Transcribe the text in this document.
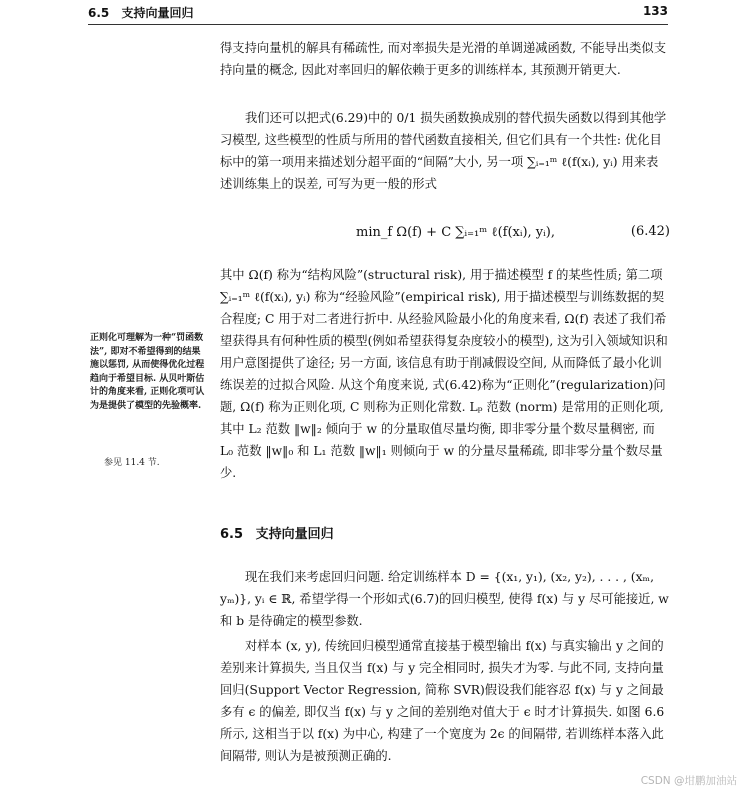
6.5 支持向量回归	133

得支持向量机的解具有稀疏性, 而对率损失是光滑的单调递减函数, 不能导出类似支持向量的概念, 因此对率回归的解依赖于更多的训练样本, 其预测开销更大.

我们还可以把式(6.29)中的 0/1 损失函数换成别的替代损失函数以得到其他学习模型, 这些模型的性质与所用的替代函数直接相关, 但它们具有一个共性: 优化目标中的第一项用来描述划分超平面的“间隔”大小, 另一项 ∑ᵢ₌₁ᵐ ℓ(f(xᵢ), yᵢ) 用来表述训练集上的误差, 可写为更一般的形式

min_f Ω(f) + C ∑ᵢ₌₁ᵐ ℓ(f(xᵢ), yᵢ),	(6.42)

其中 Ω(f) 称为“结构风险”(structural risk), 用于描述模型 f 的某些性质; 第二项 ∑ᵢ₌₁ᵐ ℓ(f(xᵢ), yᵢ) 称为“经验风险”(empirical risk), 用于描述模型与训练数据的契合程度; C 用于对二者进行折中. 从经验风险最小化的角度来看, Ω(f) 表述了我们希望获得具有何种性质的模型(例如希望获得复杂度较小的模型), 这为引入领域知识和用户意图提供了途径; 另一方面, 该信息有助于削减假设空间, 从而降低了最小化训练误差的过拟合风险. 从这个角度来说, 式(6.42)称为“正则化”(regularization)问题, Ω(f) 称为正则化项, C 则称为正则化常数. Lₚ 范数 (norm) 是常用的正则化项, 其中 L₂ 范数 ‖w‖₂ 倾向于 w 的分量取值尽量均衡, 即非零分量个数尽量稠密, 而 L₀ 范数 ‖w‖₀ 和 L₁ 范数 ‖w‖₁ 则倾向于 w 的分量尽量稀疏, 即非零分量个数尽量少.

正则化可理解为一种“罚函数法”, 即对不希望得到的结果施以惩罚, 从而使得优化过程趋向于希望目标. 从贝叶斯估计的角度来看, 正则化项可认为是提供了模型的先验概率.
参见 11.4 节.
6.5 支持向量回归

现在我们来考虑回归问题. 给定训练样本 D = {(x₁, y₁), (x₂, y₂), . . . , (xₘ, yₘ)}, yᵢ ∈ ℝ, 希望学得一个形如式(6.7)的回归模型, 使得 f(x) 与 y 尽可能接近, w 和 b 是待确定的模型参数.

对样本 (x, y), 传统回归模型通常直接基于模型输出 f(x) 与真实输出 y 之间的差别来计算损失, 当且仅当 f(x) 与 y 完全相同时, 损失才为零. 与此不同, 支持向量回归(Support Vector Regression, 简称 SVR)假设我们能容忍 f(x) 与 y 之间最多有 ϵ 的偏差, 即仅当 f(x) 与 y 之间的差别绝对值大于 ϵ 时才计算损失. 如图 6.6 所示, 这相当于以 f(x) 为中心, 构建了一个宽度为 2ϵ 的间隔带, 若训练样本落入此间隔带, 则认为是被预测正确的.

CSDN @坩鹏加油站
